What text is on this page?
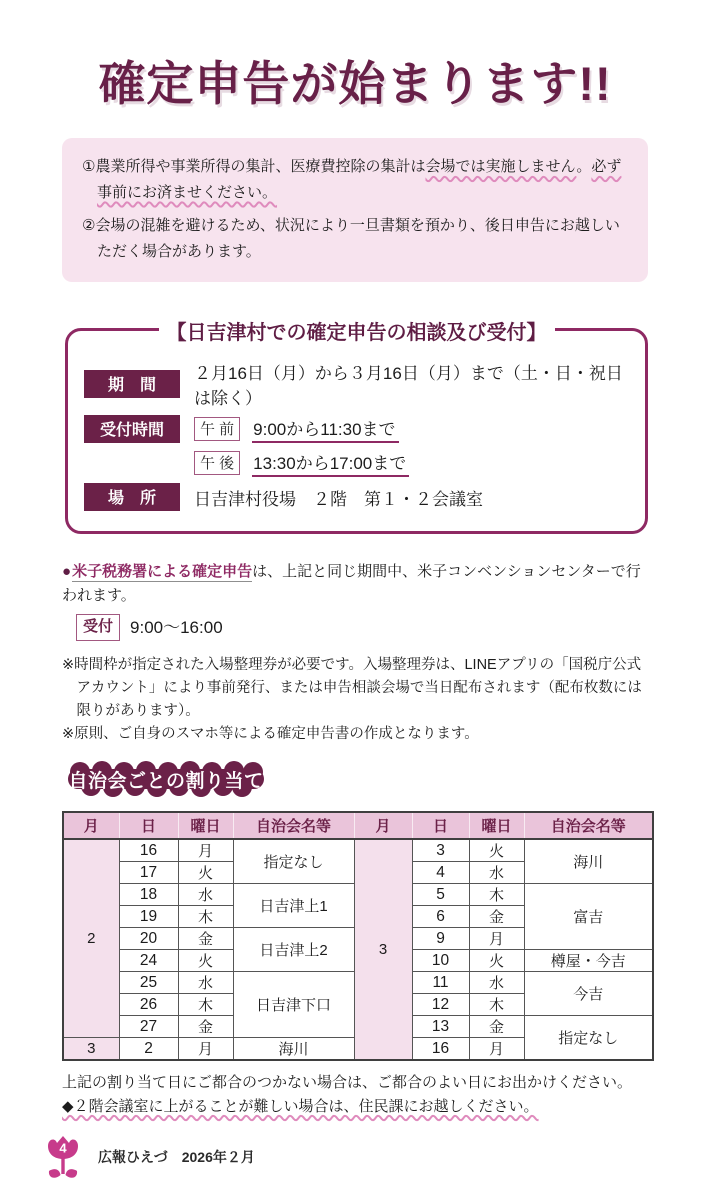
確定申告が始まります!!

①農業所得や事業所得の集計、医療費控除の集計は会場では実施しません。必ず事前にお済ませください。

②会場の混雑を避けるため、状況により一旦書類を預かり、後日申告にお越しいただく場合があります。

【日吉津村での確定申告の相談及び受付】
期　間
２月16日（月）から３月16日（月）まで（土・日・祝日は除く）
受付時間	午 前	9:00から11:30まで
午 後	13:30から17:00まで
場　所	日吉津村役場　２階　第１・２会議室

●米子税務署による確定申告は、上記と同じ期間中、米子コンベンションセンターで行われます。

受付	9:00～16:00

※時間枠が指定された入場整理券が必要です。入場整理券は、LINEアプリの「国税庁公式アカウント」により事前発行、または申告相談会場で当日配布されます（配布枚数には限りがあります）。

※原則、ご自身のスマホ等による確定申告書の作成となります。

自治会ごとの割り当て
月	日	曜日	自治会名等	月	日	曜日	自治会名等
2	16	月	指定なし	3	3	火	海川
	17	火			4	水	
	18	水	日吉津上1		5	木	富吉
	19	木			6	金	
	20	金	日吉津上2		9	月	
	24	火			10	火	樽屋・今吉
	25	水	日吉津下口		11	水	今吉
	26	木			12	木	
	27	金			13	金	指定なし
3	2	月	海川		16	月	

上記の割り当て日にご都合のつかない場合は、ご都合のよい日にお出かけください。

◆２階会議室に上がることが難しい場合は、住民課にお越しください。

4
広報ひえづ　2026年２月
